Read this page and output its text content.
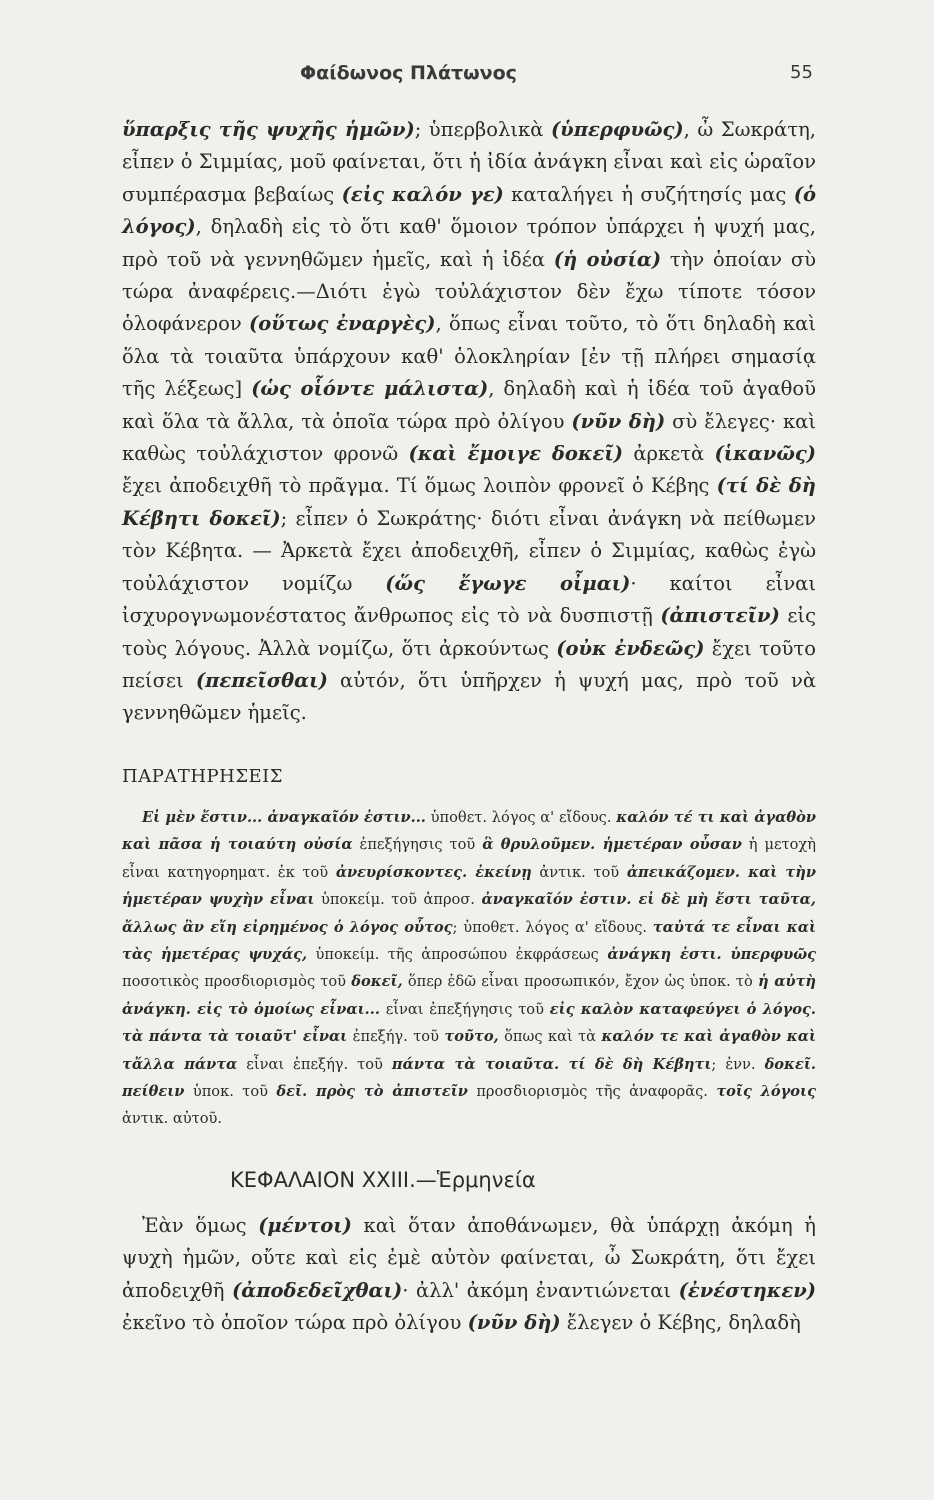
Φαίδωνος Πλάτωνος	55

ὕπαρξις τῆς ψυχῆς ἡμῶν); ὑπερβολικὰ (ὑπερφυῶς), ὦ Σωκράτη, εἶπεν ὁ Σιμμίας, μοῦ φαίνεται, ὅτι ἡ ἰδία ἀνάγκη εἶναι καὶ εἰς ὡραῖον συμπέρασμα βεβαίως (εἰς καλόν γε) καταλήγει ἡ συζήτησίς μας (ὁ λόγος), δηλαδὴ εἰς τὸ ὅτι καθ' ὅμοιον τρόπον ὑπάρχει ἡ ψυχή μας, πρὸ τοῦ νὰ γεννηθῶμεν ἡμεῖς, καὶ ἡ ἰδέα (ἡ οὐσία) τὴν ὁποίαν σὺ τώρα ἀναφέρεις.—Διότι ἐγὼ τοὐλάχιστον δὲν ἔχω τίποτε τόσον ὁλοφάνερον (οὕτως ἐναργὲς), ὅπως εἶναι τοῦτο, τὸ ὅτι δηλαδὴ καὶ ὅλα τὰ τοιαῦτα ὑπάρχουν καθ' ὁλοκληρίαν [ἐν τῇ πλήρει σημασίᾳ τῆς λέξεως] (ὡς οἷόντε μάλιστα), δηλαδὴ καὶ ἡ ἰδέα τοῦ ἀγαθοῦ καὶ ὅλα τὰ ἄλλα, τὰ ὁποῖα τώρα πρὸ ὀλίγου (νῦν δὴ) σὺ ἔλεγες· καὶ καθὼς τοὐλάχιστον φρονῶ (καὶ ἔμοιγε δοκεῖ) ἀρκετὰ (ἱκανῶς) ἔχει ἀποδειχθῆ τὸ πρᾶγμα. Τί ὅμως λοιπὸν φρονεῖ ὁ Κέβης (τί δὲ δὴ Κέβητι δοκεῖ); εἶπεν ὁ Σωκράτης· διότι εἶναι ἀνάγκη νὰ πείθωμεν τὸν Κέβητα. — Ἀρκετὰ ἔχει ἀποδειχθῆ, εἶπεν ὁ Σιμμίας, καθὼς ἐγὼ τοὐλάχιστον νομίζω (ὥς ἔγωγε οἶμαι)· καίτοι εἶναι ἰσχυρογνωμονέστατος ἄνθρωπος εἰς τὸ νὰ δυσπιστῇ (ἀπιστεῖν) εἰς τοὺς λόγους. Ἀλλὰ νομίζω, ὅτι ἀρκούντως (οὐκ ἐνδεῶς) ἔχει τοῦτο πείσει (πεπεῖσθαι) αὐτόν, ὅτι ὑπῆρχεν ἡ ψυχή μας, πρὸ τοῦ νὰ γεννηθῶμεν ἡμεῖς.

ΠΑΡΑΤΗΡΗΣΕΙΣ

Εἰ μὲν ἔστιν... ἀναγκαῖόν ἐστιν... ὑποθετ. λόγος α' εἴδους. καλόν τέ τι καὶ ἀγαθὸν καὶ πᾶσα ἡ τοιαύτη οὐσία ἐπεξήγησις τοῦ ἃ θρυλοῦμεν. ἡμετέραν οὖσαν ἡ μετοχὴ εἶναι κατηγορηματ. ἐκ τοῦ ἀνευρίσκοντες. ἐκείνῃ ἀντικ. τοῦ ἀπεικάζομεν. καὶ τὴν ἡμετέραν ψυχὴν εἶναι ὑποκείμ. τοῦ ἀπροσ. ἀναγκαῖόν ἐστιν. εἰ δὲ μὴ ἔστι ταῦτα, ἄλλως ἂν εἴη εἰρημένος ὁ λόγος οὗτος; ὑποθετ. λόγος α' εἴδους. ταὐτά τε εἶναι καὶ τὰς ἡμετέρας ψυχάς, ὑποκείμ. τῆς ἀπροσώπου ἐκφράσεως ἀνάγκη ἐστι. ὑπερφυῶς ποσοτικὸς προσδιορισμὸς τοῦ δοκεῖ, ὅπερ ἐδῶ εἶναι προσωπικόν, ἔχον ὡς ὑποκ. τὸ ἡ αὐτὴ ἀνάγκη. εἰς τὸ ὁμοίως εἶναι... εἶναι ἐπεξήγησις τοῦ εἰς καλὸν καταφεύγει ὁ λόγος. τὰ πάντα τὰ τοιαῦτ' εἶναι ἐπεξήγ. τοῦ τοῦτο, ὅπως καὶ τὰ καλόν τε καὶ ἀγαθὸν καὶ τἄλλα πάντα εἶναι ἐπεξήγ. τοῦ πάντα τὰ τοιαῦτα. τί δὲ δὴ Κέβητι; ἐνν. δοκεῖ. πείθειν ὑποκ. τοῦ δεῖ. πρὸς τὸ ἀπιστεῖν προσδιορισμὸς τῆς ἀναφορᾶς. τοῖς λόγοις ἀντικ. αὐτοῦ.

ΚΕΦΑΛΑΙΟΝ XXIII.—Ἑρμηνεία

Ἐὰν ὅμως (μέντοι) καὶ ὅταν ἀποθάνωμεν, θὰ ὑπάρχῃ ἀκόμη ἡ ψυχὴ ἡμῶν, οὔτε καὶ εἰς ἐμὲ αὐτὸν φαίνεται, ὦ Σωκράτη, ὅτι ἔχει ἀποδειχθῆ (ἀποδεδεῖχθαι)· ἀλλ' ἀκόμη ἐναντιώνεται (ἐνέστηκεν) ἐκεῖνο τὸ ὁποῖον τώρα πρὸ ὀλίγου (νῦν δὴ) ἔλεγεν ὁ Κέβης, δηλαδὴ
